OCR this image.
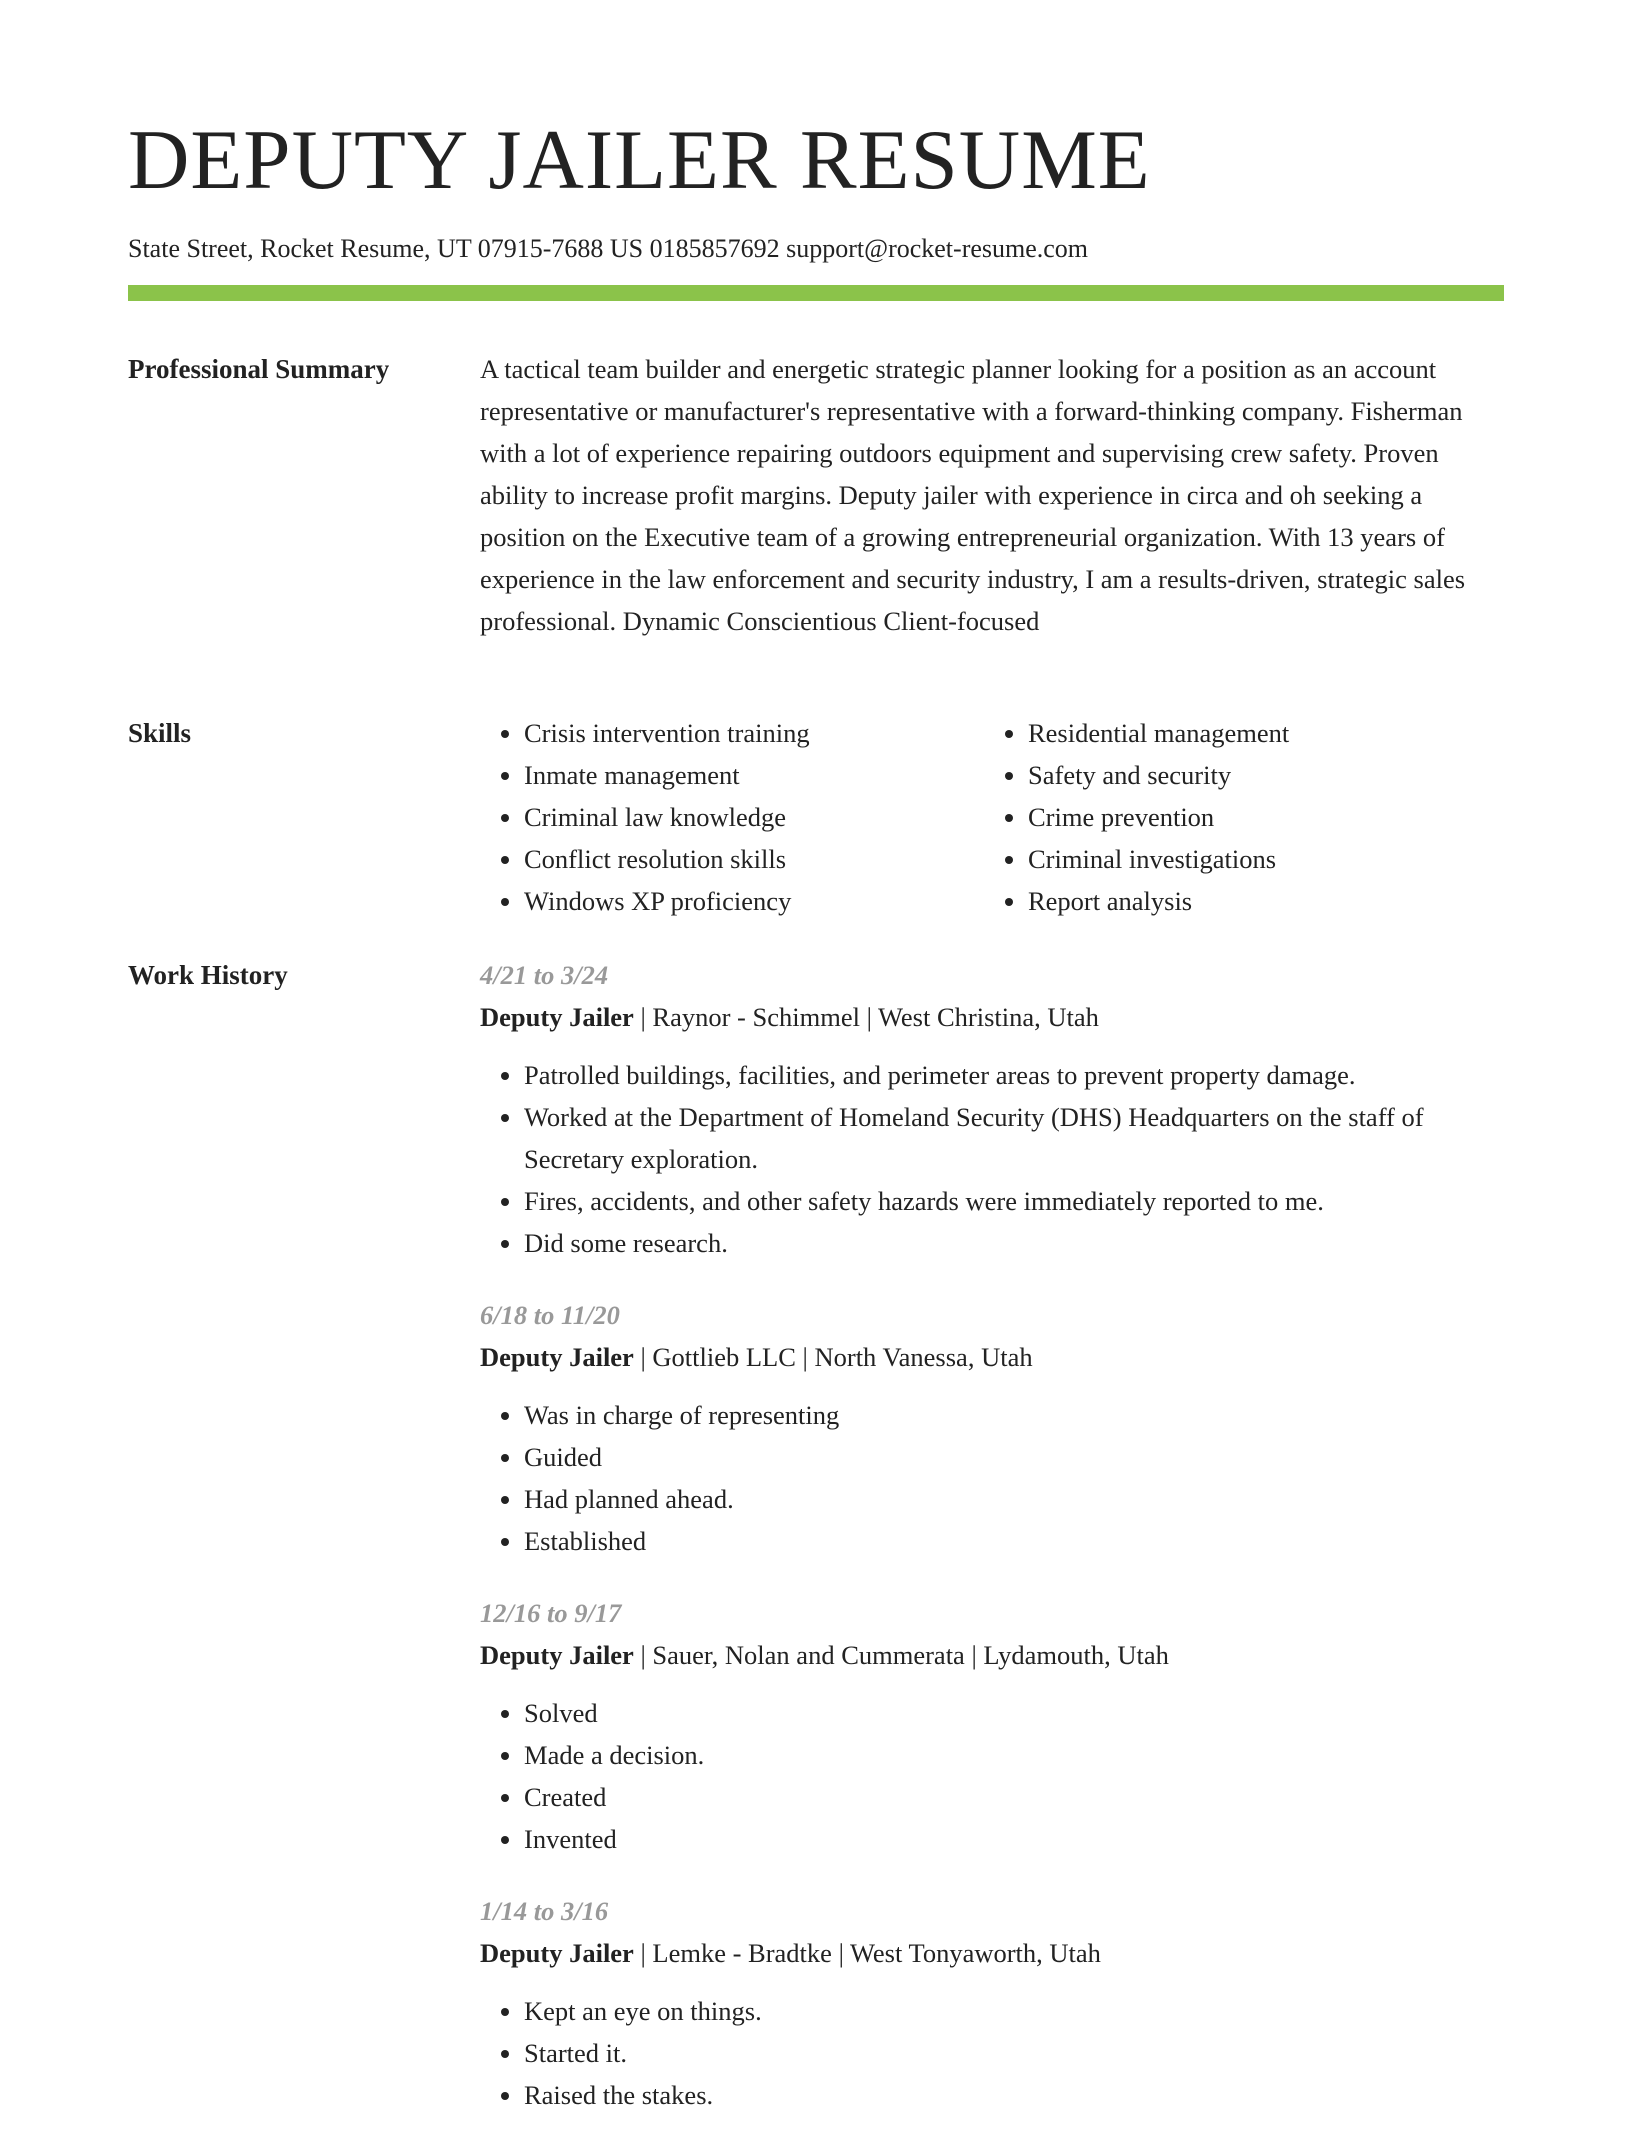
DEPUTY JAILER RESUME
State Street, Rocket Resume, UT 07915-7688 US 0185857692 support@rocket-resume.com
Professional Summary	A tactical team builder and energetic strategic planner looking for a position as an account representative or manufacturer's representative with a forward-thinking company. Fisherman with a lot of experience repairing outdoors equipment and supervising crew safety. Proven ability to increase profit margins. Deputy jailer with experience in circa and oh seeking a position on the Executive team of a growing entrepreneurial organization. With 13 years of experience in the law enforcement and security industry, I am a results-driven, strategic sales professional. Dynamic Conscientious Client-focused

Skills
•	Crisis intervention training
• Inmate management
• Criminal law knowledge
• Conflict resolution skills
• Windows XP proficiency
• Residential management
• Safety and security
• Crime prevention
• Criminal investigations
• Report analysis
Work History	4/21 to 3/24
Deputy Jailer | Raynor - Schimmel | West Christina, Utah
• Patrolled buildings, facilities, and perimeter areas to prevent property damage.
• Worked at the Department of Homeland Security (DHS) Headquarters on the staff of Secretary exploration.
• Fires, accidents, and other safety hazards were immediately reported to me.
• Did some research.
6/18 to 11/20
Deputy Jailer | Gottlieb LLC | North Vanessa, Utah
• Was in charge of representing
• Guided
• Had planned ahead.
• Established
12/16 to 9/17
Deputy Jailer | Sauer, Nolan and Cummerata | Lydamouth, Utah
• Solved
• Made a decision.
• Created
• Invented
1/14 to 3/16
Deputy Jailer | Lemke - Bradtke | West Tonyaworth, Utah
• Kept an eye on things.
• Started it.
• Raised the stakes.
